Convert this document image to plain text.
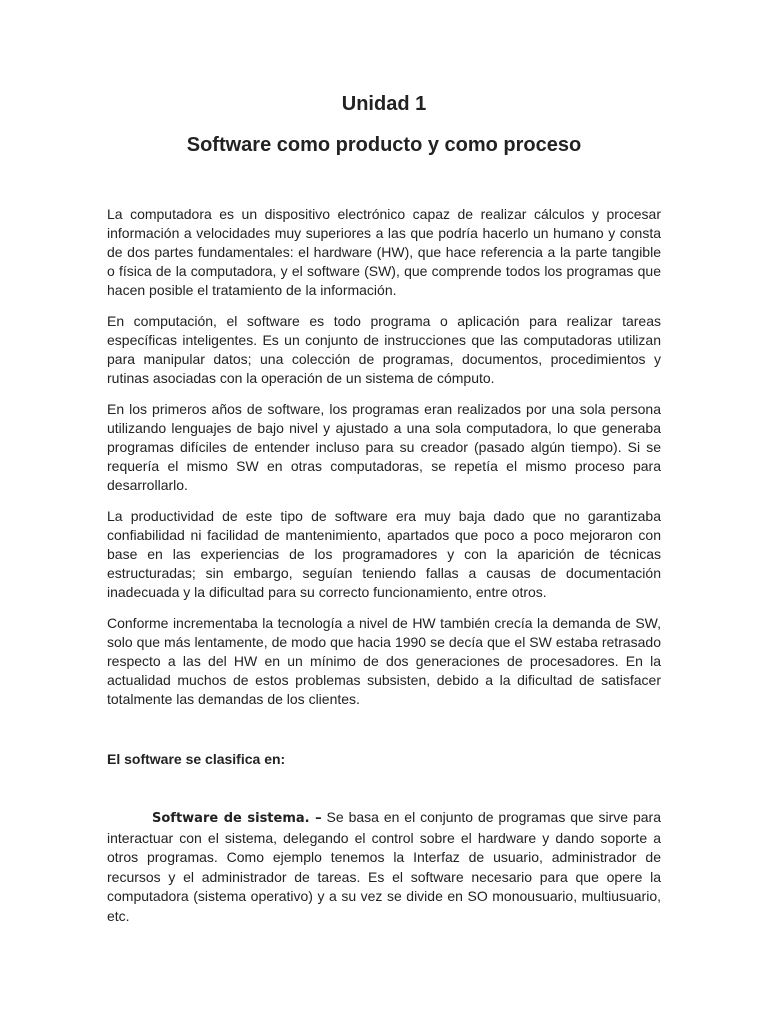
Unidad 1
Software como producto y como proceso

La computadora es un dispositivo electrónico capaz de realizar cálculos y procesar información a velocidades muy superiores a las que podría hacerlo un humano y consta de dos partes fundamentales: el hardware (HW), que hace referencia a la parte tangible o física de la computadora, y el software (SW), que comprende todos los programas que hacen posible el tratamiento de la información.

En computación, el software es todo programa o aplicación para realizar tareas específicas inteligentes. Es un conjunto de instrucciones que las computadoras utilizan para manipular datos; una colección de programas, documentos, procedimientos y rutinas asociadas con la operación de un sistema de cómputo.

En los primeros años de software, los programas eran realizados por una sola persona utilizando lenguajes de bajo nivel y ajustado a una sola computadora, lo que generaba programas difíciles de entender incluso para su creador (pasado algún tiempo). Si se requería el mismo SW en otras computadoras, se repetía el mismo proceso para desarrollarlo.

La productividad de este tipo de software era muy baja dado que no garantizaba confiabilidad ni facilidad de mantenimiento, apartados que poco a poco mejoraron con base en las experiencias de los programadores y con la aparición de técnicas estructuradas; sin embargo, seguían teniendo fallas a causas de documentación inadecuada y la dificultad para su correcto funcionamiento, entre otros.

Conforme incrementaba la tecnología a nivel de HW también crecía la demanda de SW, solo que más lentamente, de modo que hacia 1990 se decía que el SW estaba retrasado respecto a las del HW en un mínimo de dos generaciones de procesadores. En la actualidad muchos de estos problemas subsisten, debido a la dificultad de satisfacer totalmente las demandas de los clientes.

El software se clasifica en:

Software de sistema. – Se basa en el conjunto de programas que sirve para interactuar con el sistema, delegando el control sobre el hardware y dando soporte a otros programas. Como ejemplo tenemos la Interfaz de usuario, administrador de recursos y el administrador de tareas. Es el software necesario para que opere la computadora (sistema operativo) y a su vez se divide en SO monousuario, multiusuario, etc.
